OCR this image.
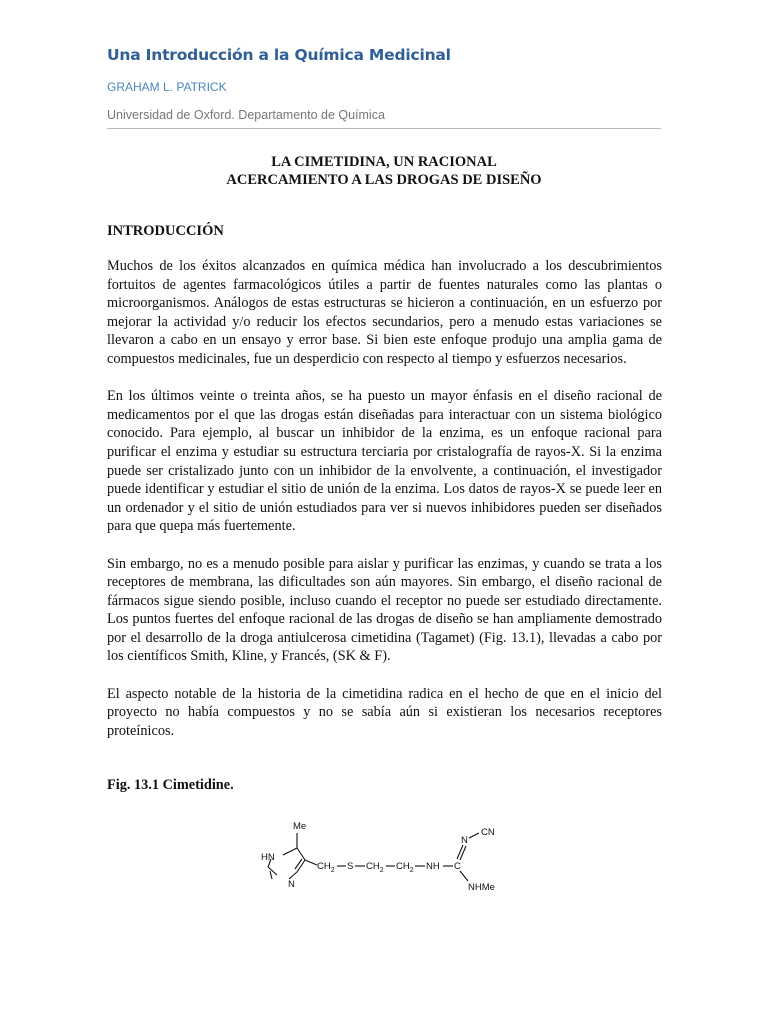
Una Introducción a la Química Medicinal
GRAHAM L. PATRICK
Universidad de Oxford. Departamento de Química
LA CIMETIDINA, UN RACIONAL
ACERCAMIENTO A LAS DROGAS DE DISEÑO
INTRODUCCIÓN

Muchos de los éxitos alcanzados en química médica han involucrado a los descubrimientos fortuitos de agentes farmacológicos útiles a partir de fuentes naturales como las plantas o microorganismos. Análogos de estas estructuras se hicieron a continuación, en un esfuerzo por mejorar la actividad y/o reducir los efectos secundarios, pero a menudo estas variaciones se llevaron a cabo en un ensayo y error base. Si bien este enfoque produjo una amplia gama de compuestos medicinales, fue un desperdicio con respecto al tiempo y esfuerzos necesarios.

En los últimos veinte o treinta años, se ha puesto un mayor énfasis en el diseño racional de medicamentos por el que las drogas están diseñadas para interactuar con un sistema biológico conocido. Para ejemplo, al buscar un inhibidor de la enzima, es un enfoque racional para purificar el enzima y estudiar su estructura terciaria por cristalografía de rayos-X. Si la enzima puede ser cristalizado junto con un inhibidor de la envolvente, a continuación, el investigador puede identificar y estudiar el sitio de unión de la enzima. Los datos de rayos-X se puede leer en un ordenador y el sitio de unión estudiados para ver si nuevos inhibidores pueden ser diseñados para que quepa más fuertemente.

Sin embargo, no es a menudo posible para aislar y purificar las enzimas, y cuando se trata a los receptores de membrana, las dificultades son aún mayores. Sin embargo, el diseño racional de fármacos sigue siendo posible, incluso cuando el receptor no puede ser estudiado directamente. Los puntos fuertes del enfoque racional de las drogas de diseño se han ampliamente demostrado por el desarrollo de la droga antiulcerosa cimetidina (Tagamet) (Fig. 13.1), llevadas a cabo por los científicos Smith, Kline, y Francés, (SK & F).

El aspecto notable de la historia de la cimetidina radica en el hecho de que en el inicio del proyecto no había compuestos y no se sabía aún si existieran los necesarios receptores proteínicos.

Fig. 13.1 Cimetidine.
Me
HN
N
$CH_2$ S $CH_2$ $CH_2$ NH C
N
CN
NHMe
